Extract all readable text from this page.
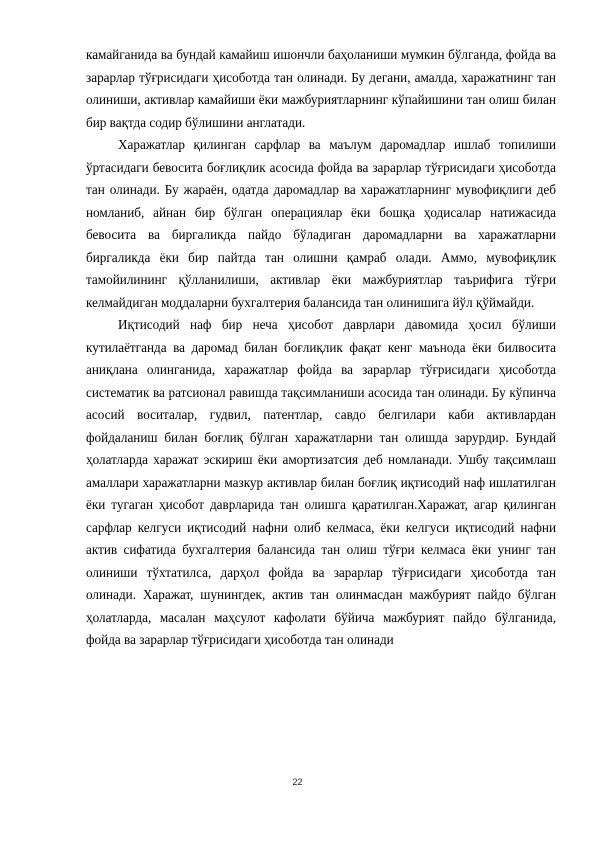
камайганида ва бундай камайиш ишончли баҳоланиши мумкин бўлганда, фойда ва зарарлар тўғрисидаги ҳисоботда тан олинади. Бу дегани, амалда, харажатнинг тан олиниши, активлар камайиши ёки мажбуриятларнинг кўпайишини тан олиш билан бир вақтда содир бўлишини англатади.

Харажатлар қилинган сарфлар ва маълум даромадлар ишлаб топилиши ўртасидаги бевосита боғлиқлик асосида фойда ва зарарлар тўғрисидаги ҳисоботда тан олинади. Бу жараён, одатда даромадлар ва харажатларнинг мувофиқлиги деб номланиб, айнан бир бўлган операциялар ёки бошқа ҳодисалар натижасида бевосита ва биргаликда пайдо бўладиган даромадларни ва харажатларни биргаликда ёки бир пайтда тан олишни қамраб олади. Аммо, мувофиқлик тамойилининг қўлланилиши, активлар ёки мажбуриятлар таърифига тўғри келмайдиган моддаларни бухгалтерия балансида тан олинишига йўл қўймайди.

Иқтисодий наф бир неча ҳисобот даврлари давомида ҳосил бўлиши кутилаётганда ва даромад билан боғлиқлик фақат кенг маънода ёки билвосита аниқлана олинганида, харажатлар фойда ва зарарлар тўғрисидаги ҳисоботда систематик ва ратсионал равишда тақсимланиши асосида тан олинади. Бу кўпинча асосий воситалар, гудвил, патентлар, савдо белгилари каби активлардан фойдаланиш билан боғлиқ бўлган харажатларни тан олишда зарурдир. Бундай ҳолатларда харажат эскириш ёки амортизатсия деб номланади. Ушбу тақсимлаш амаллари харажатларни мазкур активлар билан боғлиқ иқтисодий наф ишлатилган ёки тугаган ҳисобот даврларида тан олишга қаратилган.Харажат, агар қилинган сарфлар келгуси иқтисодий нафни олиб келмаса, ёки келгуси иқтисодий нафни актив сифатида бухгалтерия балансида тан олиш тўғри келмаса ёки унинг тан олиниши тўхтатилса, дарҳол фойда ва зарарлар тўғрисидаги ҳисоботда тан олинади. Харажат, шунингдек, актив тан олинмасдан мажбурият пайдо бўлган ҳолатларда, масалан маҳсулот кафолати бўйича мажбурият пайдо бўлганида, фойда ва зарарлар тўғрисидаги ҳисоботда тан олинади

22
